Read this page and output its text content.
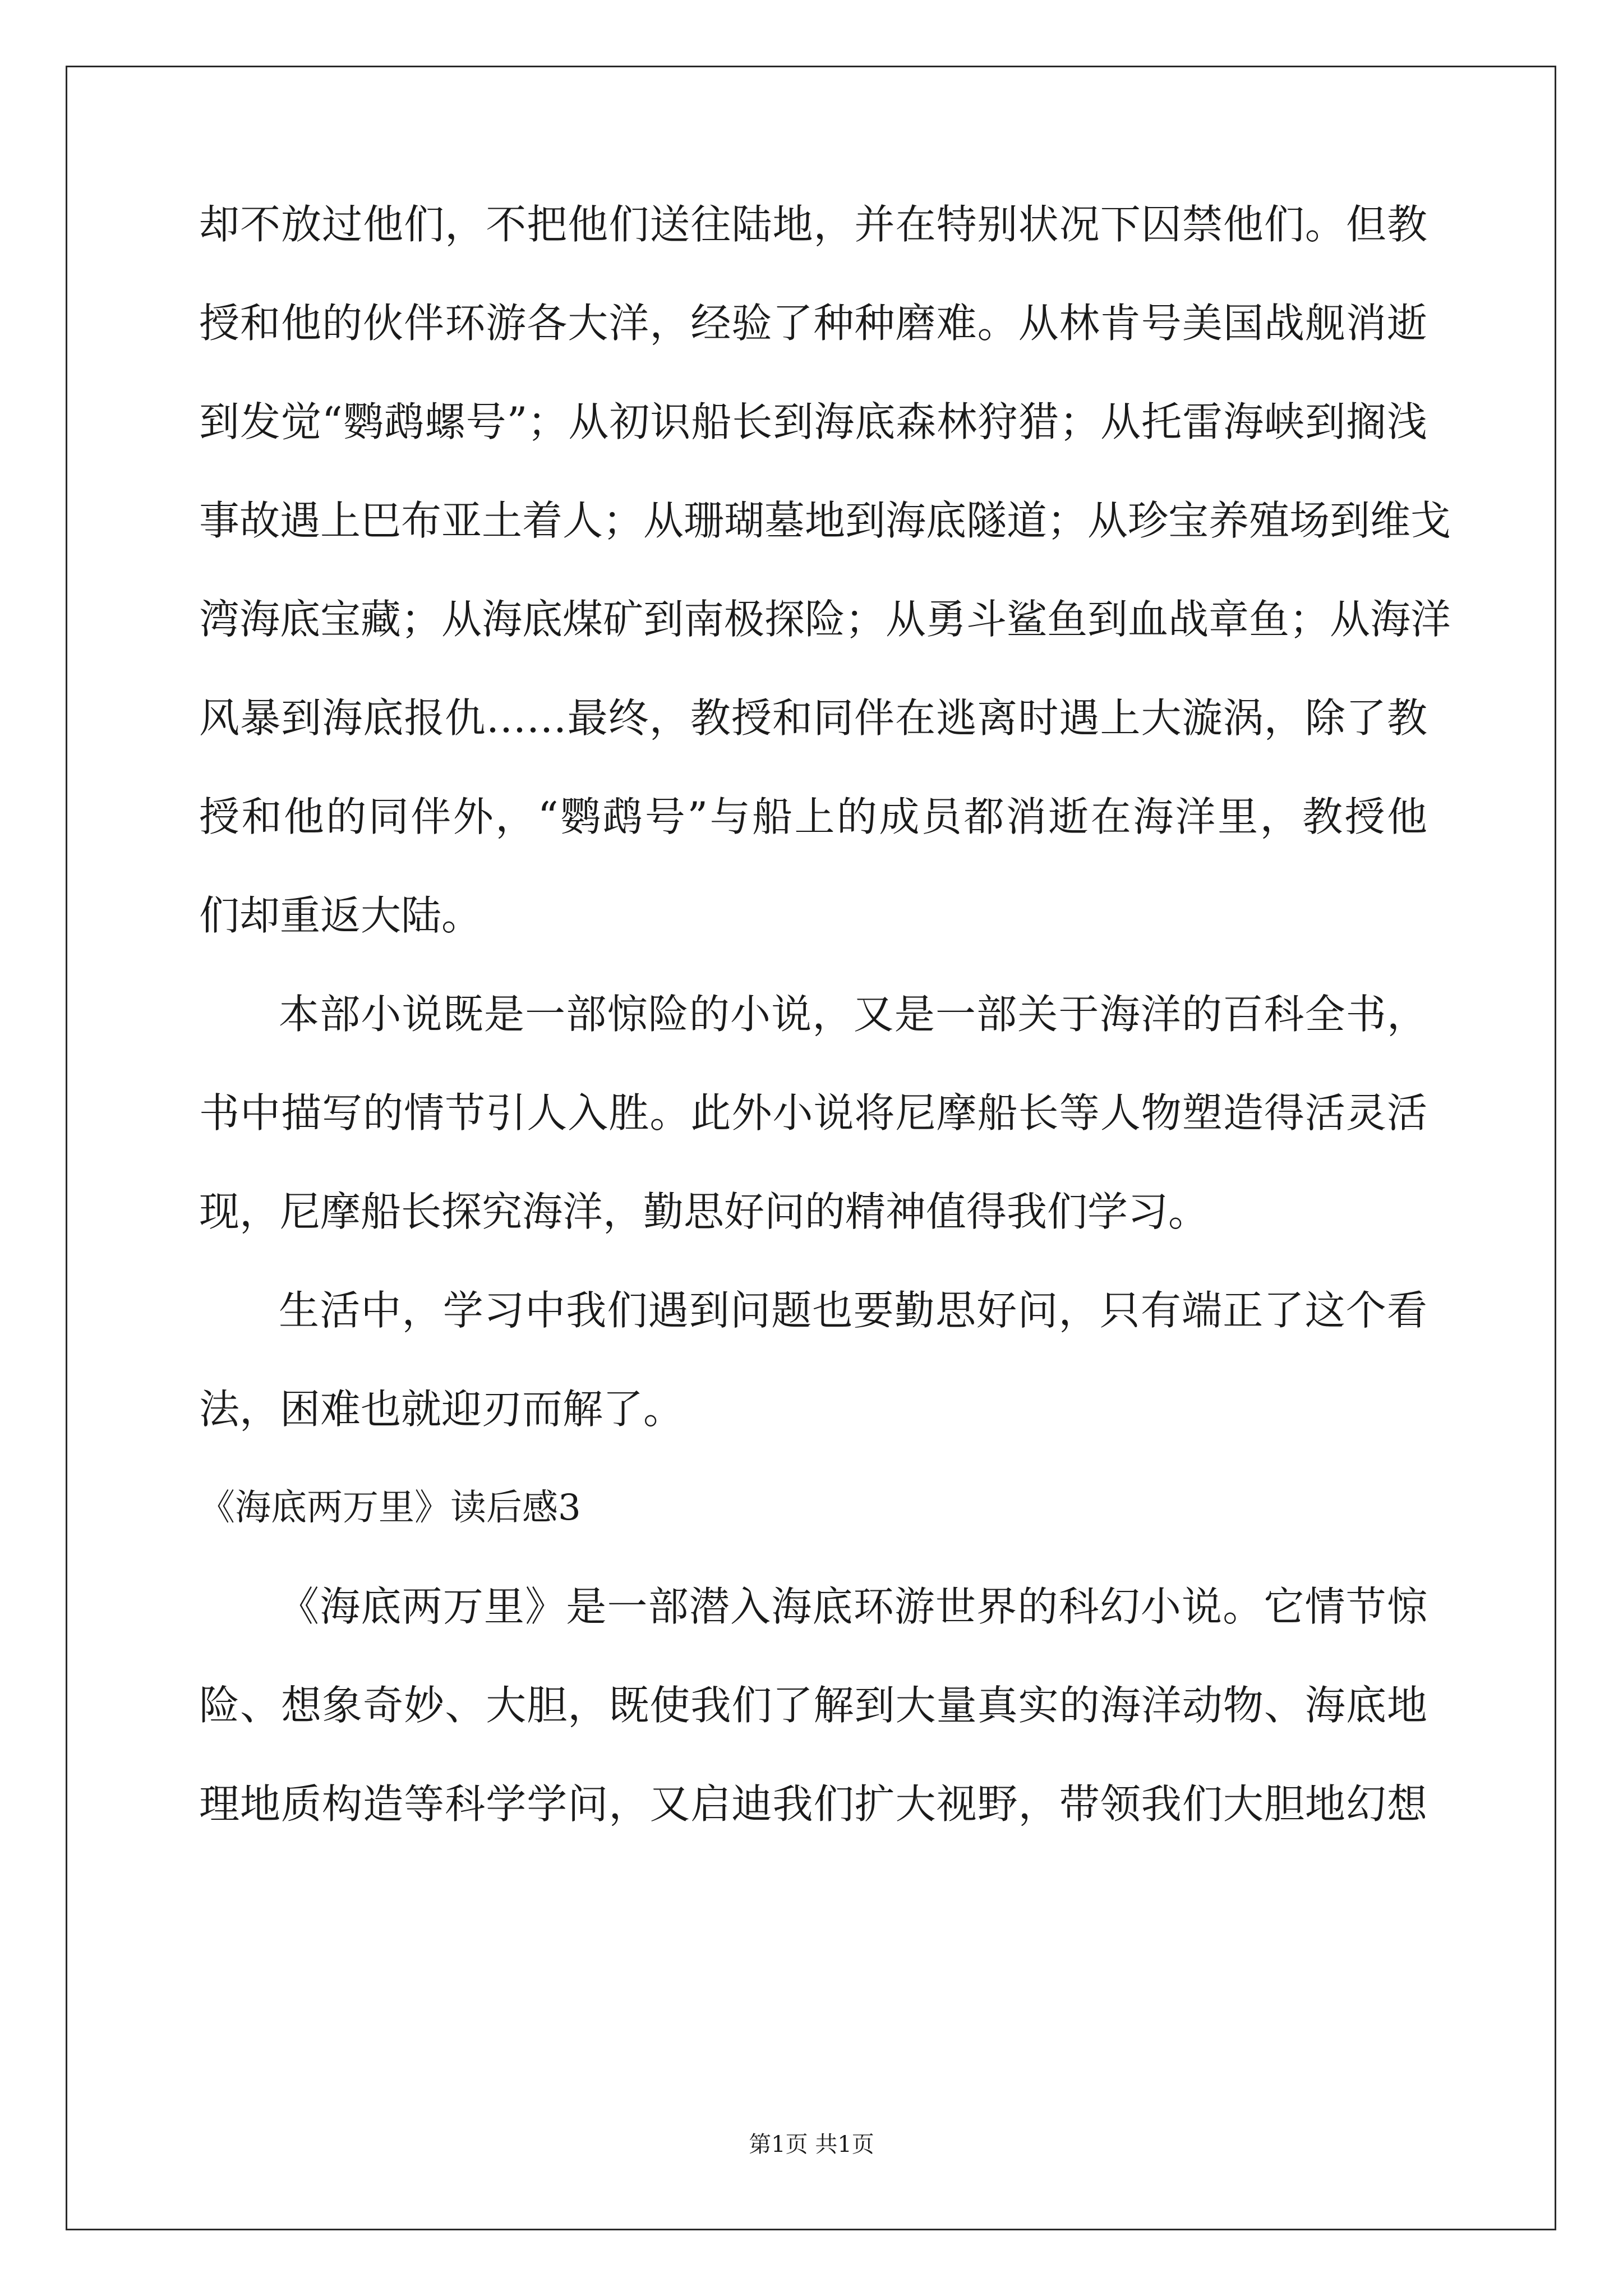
却不放过他们，不把他们送往陆地，并在特别状况下囚禁他们。但教
授和他的伙伴环游各大洋，经验了种种磨难。从林肯号美国战舰消逝
到发觉“鹦鹉螺号”；从初识船长到海底森林狩猎；从托雷海峡到搁浅
事故遇上巴布亚土着人；从珊瑚墓地到海底隧道；从珍宝养殖场到维戈
湾海底宝藏；从海底煤矿到南极探险；从勇斗鲨鱼到血战章鱼；从海洋
风暴到海底报仇……最终，教授和同伴在逃离时遇上大漩涡，除了教
授和他的同伴外，“鹦鹉号”与船上的成员都消逝在海洋里，教授他
们却重返大陆。
本部小说既是一部惊险的小说，又是一部关于海洋的百科全书，
书中描写的情节引人入胜。此外小说将尼摩船长等人物塑造得活灵活
现，尼摩船长探究海洋，勤思好问的精神值得我们学习。
生活中，学习中我们遇到问题也要勤思好问，只有端正了这个看
法，困难也就迎刃而解了。
《海底两万里》读后感3
《海底两万里》是一部潜入海底环游世界的科幻小说。它情节惊
险、想象奇妙、大胆，既使我们了解到大量真实的海洋动物、海底地
理地质构造等科学学问，又启迪我们扩大视野，带领我们大胆地幻想
第1页 共1页
